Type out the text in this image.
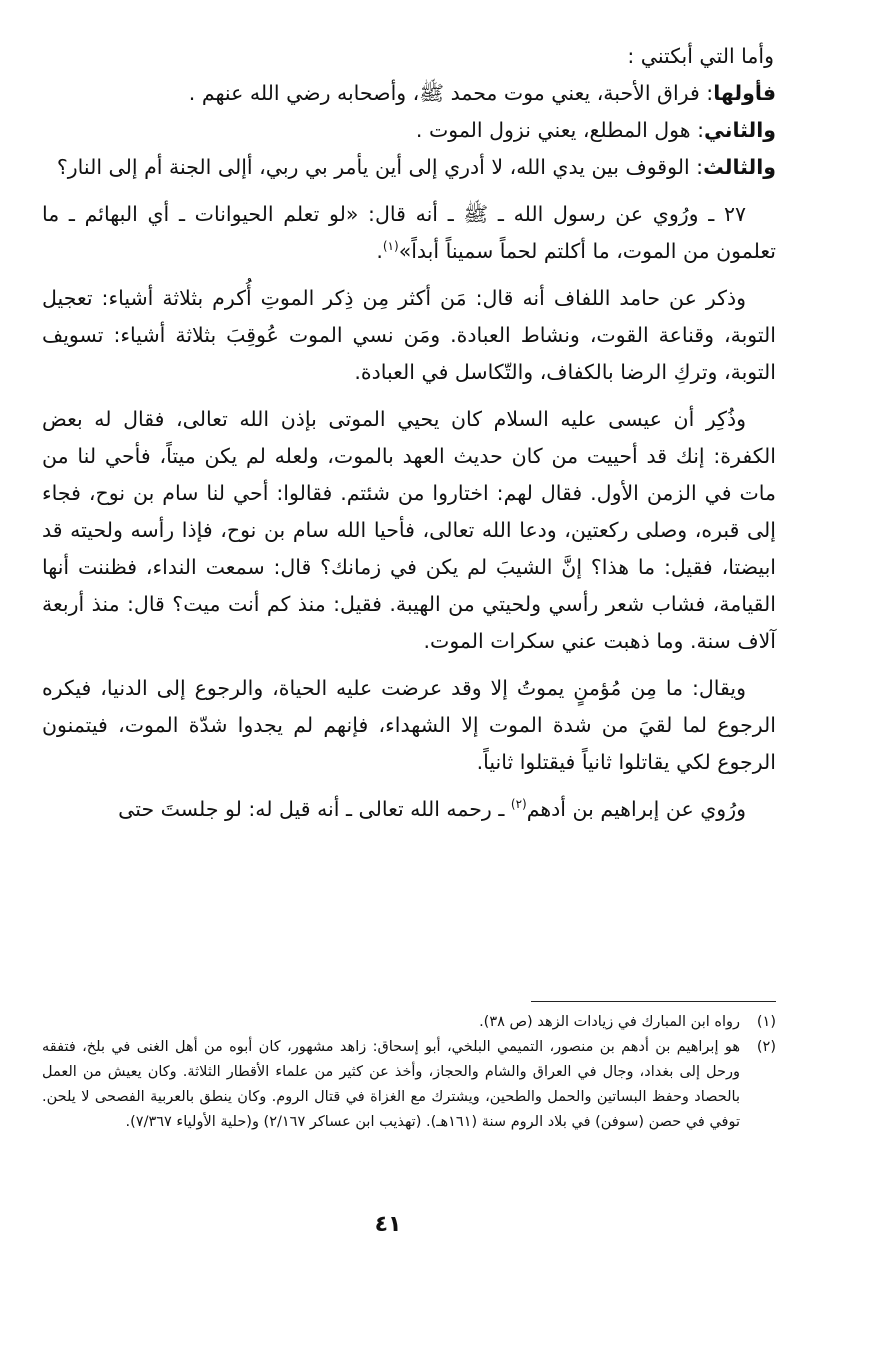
وأما التي أبكتني :
فأولها: فراق الأحبة، يعني موت محمد ﷺ، وأصحابه رضي الله عنهم .
والثاني: هول المطلع، يعني نزول الموت .
والثالث: الوقوف بين يدي الله، لا أدري إلى أين يأمر بي ربي، أإلى الجنة أم إلى النار؟

٢٧ ـ ورُوي عن رسول الله ـ ﷺ ـ أنه قال: «لو تعلم الحيوانات ـ أي البهائم ـ ما تعلمون من الموت، ما أكلتم لحماً سميناً أبداً»$^{(١)}$.

وذكر عن حامد اللفاف أنه قال: مَن أكثر مِن ذِكر الموتِ أُكرم بثلاثة أشياء: تعجيل التوبة، وقناعة القوت، ونشاط العبادة. ومَن نسي الموت عُوقِبَ بثلاثة أشياء: تسويف التوبة، وتركِ الرضا بالكفاف، والتّكاسل في العبادة.

وذُكِر أن عيسى عليه السلام كان يحيي الموتى بإذن الله تعالى، فقال له بعض الكفرة: إنك قد أحييت من كان حديث العهد بالموت، ولعله لم يكن ميتاً، فأحي لنا من مات في الزمن الأول. فقال لهم: اختاروا من شئتم. فقالوا: أحي لنا سام بن نوح، فجاء إلى قبره، وصلى ركعتين، ودعا الله تعالى، فأحيا الله سام بن نوح، فإذا رأسه ولحيته قد ابيضتا، فقيل: ما هذا؟ إنَّ الشيبَ لم يكن في زمانك؟ قال: سمعت النداء، فظننت أنها القيامة، فشاب شعر رأسي ولحيتي من الهيبة. فقيل: منذ كم أنت ميت؟ قال: منذ أربعة آلاف سنة. وما ذهبت عني سكرات الموت.

ويقال: ما مِن مُؤمنٍ يموتُ إلا وقد عرضت عليه الحياة، والرجوع إلى الدنيا، فيكره الرجوع لما لقيَ من شدة الموت إلا الشهداء، فإنهم لم يجدوا شدّة الموت، فيتمنون الرجوع لكي يقاتلوا ثانياً فيقتلوا ثانياً.

ورُوي عن إبراهيم بن أدهم$^{(٢)}$ ـ رحمه الله تعالى ـ أنه قيل له: لو جلستَ حتى

(١)
رواه ابن المبارك في زيادات الزهد (ص ٣٨).
(٢)
هو إبراهيم بن أدهم بن منصور، التميمي البلخي، أبو إسحاق: زاهد مشهور، كان أبوه من أهل الغنى في بلخ، فتفقه ورحل إلى بغداد، وجال في العراق والشام والحجاز، وأخذ عن كثير من علماء الأقطار الثلاثة. وكان يعيش من العمل بالحصاد وحفظ البساتين والحمل والطحين، ويشترك مع الغزاة في قتال الروم. وكان ينطق بالعربية الفصحى لا يلحن. توفي في حصن (سوفن) في بلاد الروم سنة (١٦١هـ). (تهذيب ابن عساكر ٢/١٦٧) و(حلية الأولياء ٧/٣٦٧).
٤١
